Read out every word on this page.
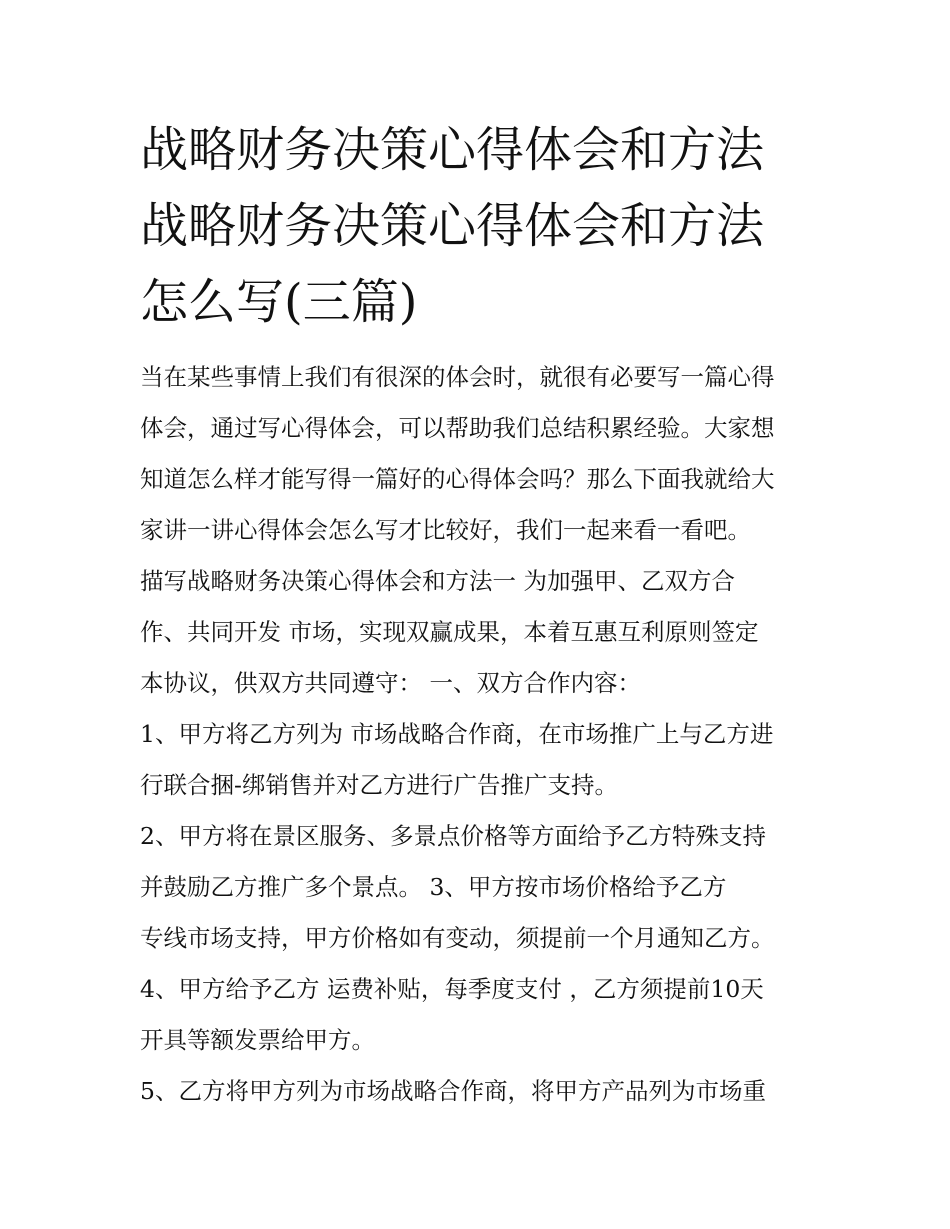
战略财务决策心得体会和方法
战略财务决策心得体会和方法
怎么写(三篇)
当在某些事情上我们有很深的体会时，就很有必要写一篇心得
体会，通过写心得体会，可以帮助我们总结积累经验。大家想
知道怎么样才能写得一篇好的心得体会吗？那么下面我就给大
家讲一讲心得体会怎么写才比较好，我们一起来看一看吧。
描写战略财务决策心得体会和方法一 为加强甲、乙双方合
作、共同开发 市场，实现双赢成果，本着互惠互利原则签定
本协议，供双方共同遵守： 一、双方合作内容：
1、甲方将乙方列为 市场战略合作商，在市场推广上与乙方进
行联合捆-绑销售并对乙方进行广告推广支持。
2、甲方将在景区服务、多景点价格等方面给予乙方特殊支持
并鼓励乙方推广多个景点。 3、甲方按市场价格给予乙方
专线市场支持，甲方价格如有变动，须提前一个月通知乙方。
4、甲方给予乙方 运费补贴，每季度支付 ，乙方须提前10天
开具等额发票给甲方。
5、乙方将甲方列为市场战略合作商，将甲方产品列为市场重
